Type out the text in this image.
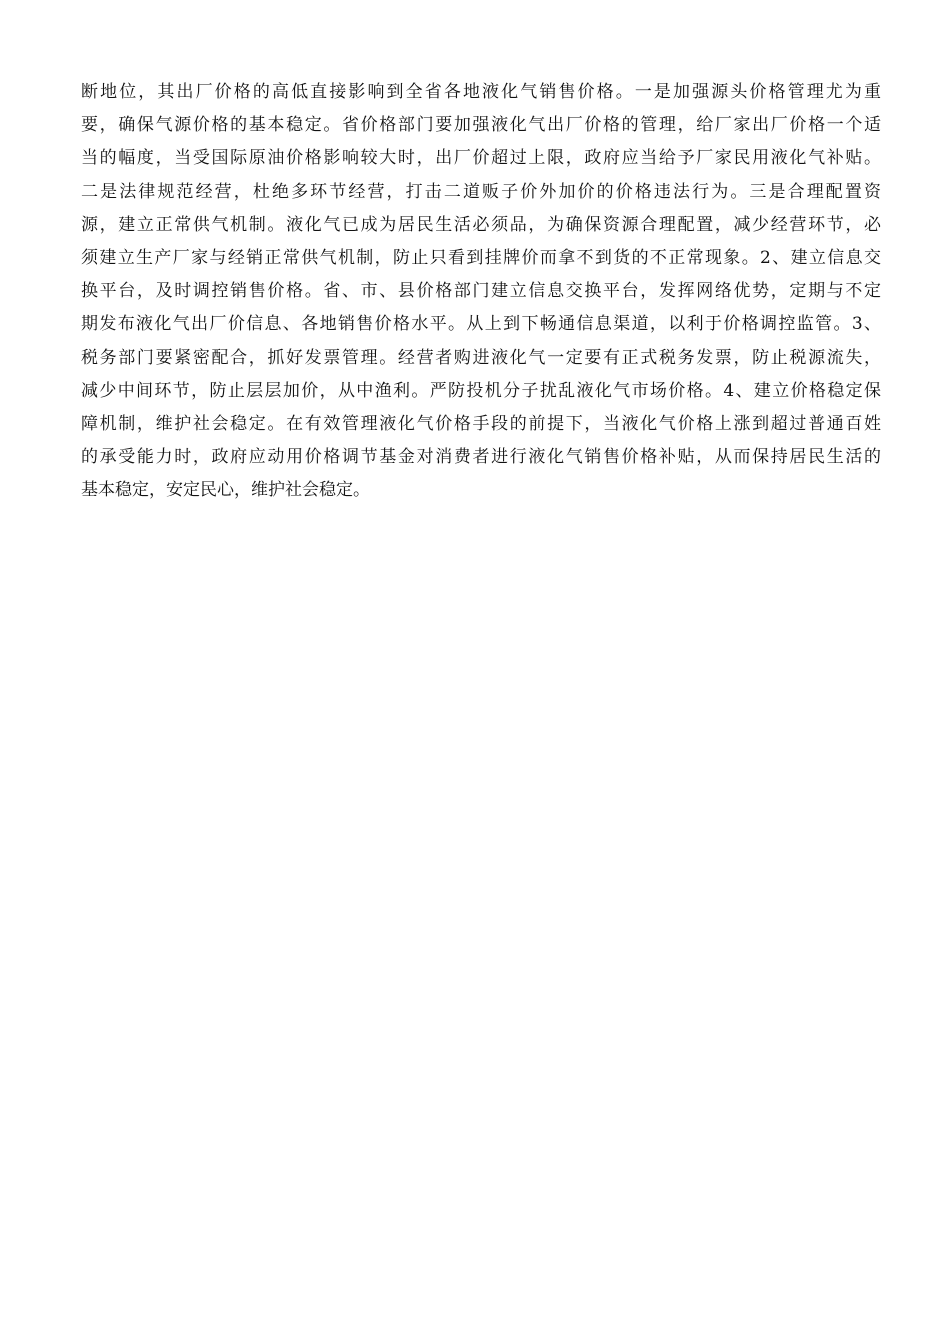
断地位，其出厂价格的高低直接影响到全省各地液化气销售价格。一是加强源头价格管理尤为重
要，确保气源价格的基本稳定。省价格部门要加强液化气出厂价格的管理，给厂家出厂价格一个适
当的幅度，当受国际原油价格影响较大时，出厂价超过上限，政府应当给予厂家民用液化气补贴。
二是法律规范经营，杜绝多环节经营，打击二道贩子价外加价的价格违法行为。三是合理配置资
源，建立正常供气机制。液化气已成为居民生活必须品，为确保资源合理配置，减少经营环节，必
须建立生产厂家与经销正常供气机制，防止只看到挂牌价而拿不到货的不正常现象。2、建立信息交
换平台，及时调控销售价格。省、市、县价格部门建立信息交换平台，发挥网络优势，定期与不定
期发布液化气出厂价信息、各地销售价格水平。从上到下畅通信息渠道，以利于价格调控监管。3、
税务部门要紧密配合，抓好发票管理。经营者购进液化气一定要有正式税务发票，防止税源流失，
减少中间环节，防止层层加价，从中渔利。严防投机分子扰乱液化气市场价格。4、建立价格稳定保
障机制，维护社会稳定。在有效管理液化气价格手段的前提下，当液化气价格上涨到超过普通百姓
的承受能力时，政府应动用价格调节基金对消费者进行液化气销售价格补贴，从而保持居民生活的
基本稳定，安定民心，维护社会稳定。
